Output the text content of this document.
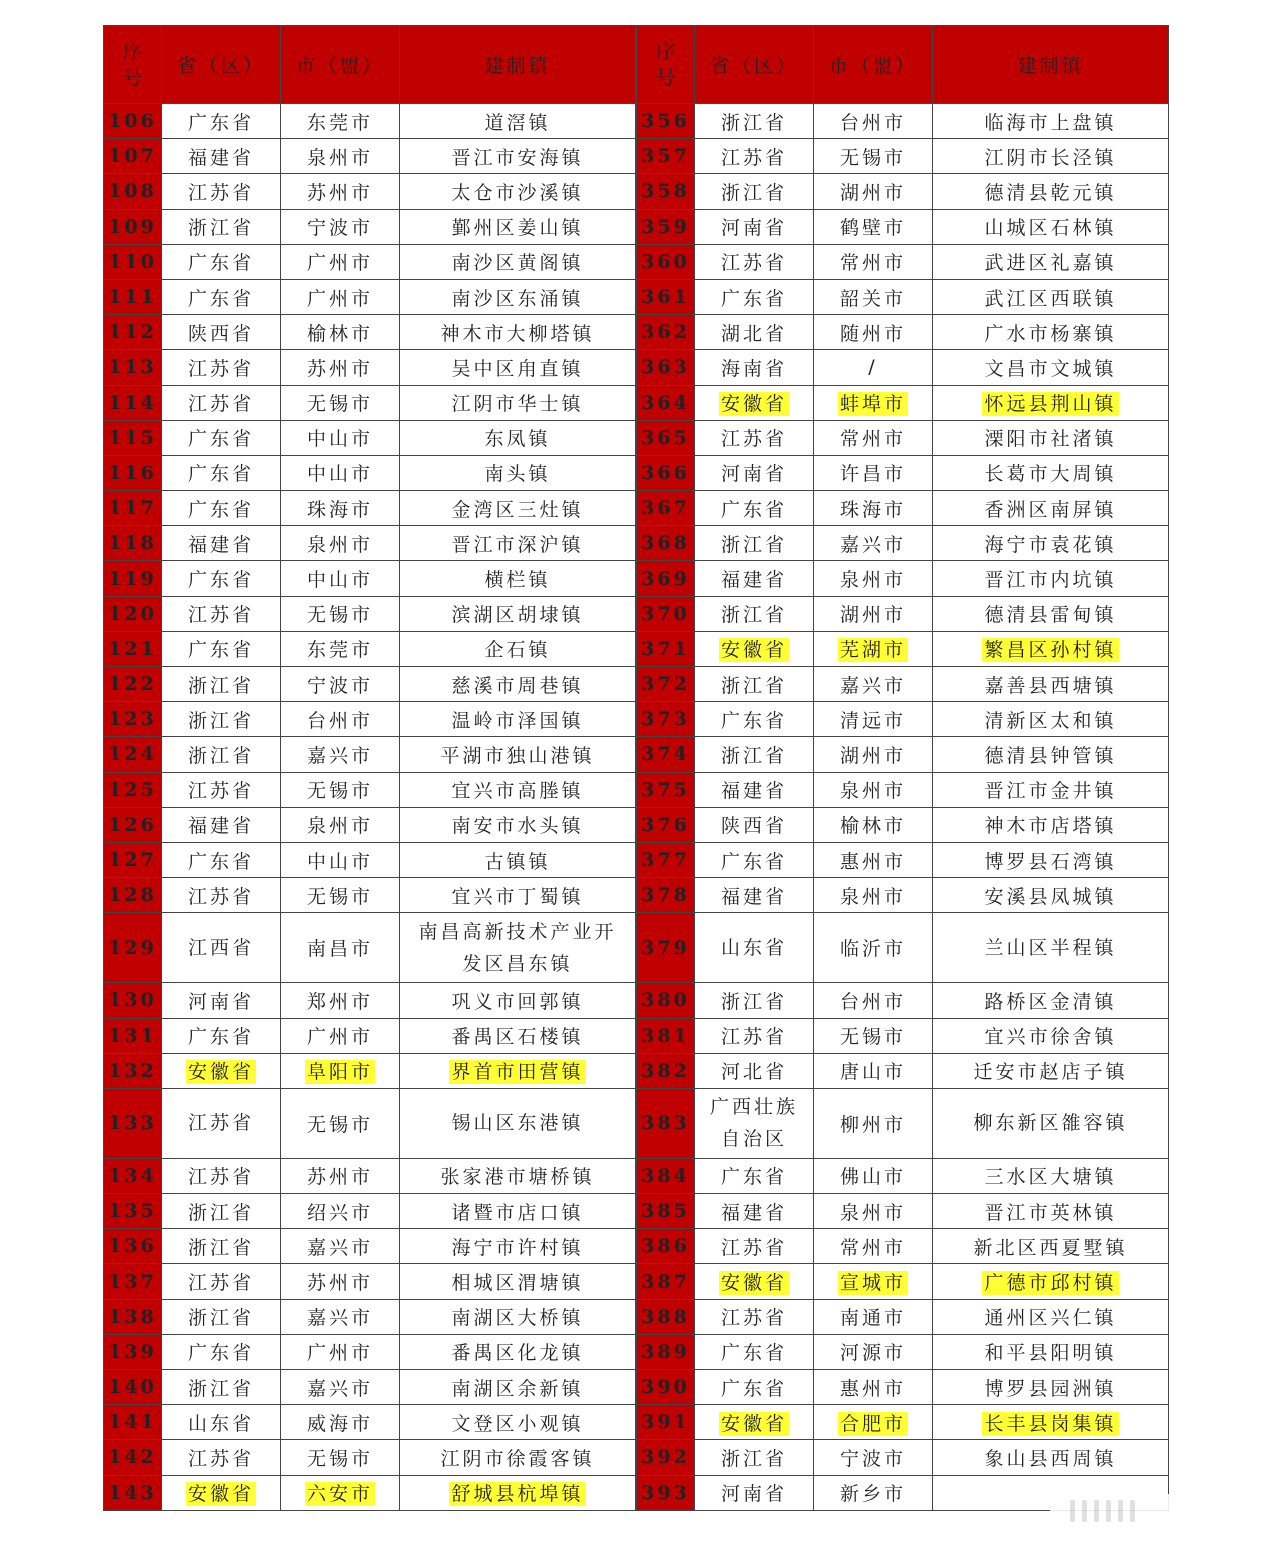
序
号	省（区）	市（盟）	建制镇
106	广东省	东莞市	道滘镇
107	福建省	泉州市	晋江市安海镇
108	江苏省	苏州市	太仓市沙溪镇
109	浙江省	宁波市	鄞州区姜山镇
110	广东省	广州市	南沙区黄阁镇
111	广东省	广州市	南沙区东涌镇
112	陕西省	榆林市	神木市大柳塔镇
113	江苏省	苏州市	吴中区甪直镇
114	江苏省	无锡市	江阴市华士镇
115	广东省	中山市	东凤镇
116	广东省	中山市	南头镇
117	广东省	珠海市	金湾区三灶镇
118	福建省	泉州市	晋江市深沪镇
119	广东省	中山市	横栏镇
120	江苏省	无锡市	滨湖区胡埭镇
121	广东省	东莞市	企石镇
122	浙江省	宁波市	慈溪市周巷镇
123	浙江省	台州市	温岭市泽国镇
124	浙江省	嘉兴市	平湖市独山港镇
125	江苏省	无锡市	宜兴市高塍镇
126	福建省	泉州市	南安市水头镇
127	广东省	中山市	古镇镇
128	江苏省	无锡市	宜兴市丁蜀镇
129	江西省	南昌市	南昌高新技术产业开发区昌东镇
130	河南省	郑州市	巩义市回郭镇
131	广东省	广州市	番禺区石楼镇
132	安徽省	阜阳市	界首市田营镇
133	江苏省	无锡市	锡山区东港镇
134	江苏省	苏州市	张家港市塘桥镇
135	浙江省	绍兴市	诸暨市店口镇
136	浙江省	嘉兴市	海宁市许村镇
137	江苏省	苏州市	相城区渭塘镇
138	浙江省	嘉兴市	南湖区大桥镇
139	广东省	广州市	番禺区化龙镇
140	浙江省	嘉兴市	南湖区余新镇
141	山东省	威海市	文登区小观镇
142	江苏省	无锡市	江阴市徐霞客镇
143	安徽省	六安市	舒城县杭埠镇
序
号	省（区）	市（盟）	建制镇
356	浙江省	台州市	临海市上盘镇
357	江苏省	无锡市	江阴市长泾镇
358	浙江省	湖州市	德清县乾元镇
359	河南省	鹤壁市	山城区石林镇
360	江苏省	常州市	武进区礼嘉镇
361	广东省	韶关市	武江区西联镇
362	湖北省	随州市	广水市杨寨镇
363	海南省	/	文昌市文城镇
364	安徽省	蚌埠市	怀远县荆山镇
365	江苏省	常州市	溧阳市社渚镇
366	河南省	许昌市	长葛市大周镇
367	广东省	珠海市	香洲区南屏镇
368	浙江省	嘉兴市	海宁市袁花镇
369	福建省	泉州市	晋江市内坑镇
370	浙江省	湖州市	德清县雷甸镇
371	安徽省	芜湖市	繁昌区孙村镇
372	浙江省	嘉兴市	嘉善县西塘镇
373	广东省	清远市	清新区太和镇
374	浙江省	湖州市	德清县钟管镇
375	福建省	泉州市	晋江市金井镇
376	陕西省	榆林市	神木市店塔镇
377	广东省	惠州市	博罗县石湾镇
378	福建省	泉州市	安溪县凤城镇
379	山东省	临沂市	兰山区半程镇
380	浙江省	台州市	路桥区金清镇
381	江苏省	无锡市	宜兴市徐舍镇
382	河北省	唐山市	迁安市赵店子镇
383	广西壮族自治区	柳州市	柳东新区雒容镇
384	广东省	佛山市	三水区大塘镇
385	福建省	泉州市	晋江市英林镇
386	江苏省	常州市	新北区西夏墅镇
387	安徽省	宣城市	广德市邱村镇
388	江苏省	南通市	通州区兴仁镇
389	广东省	河源市	和平县阳明镇
390	广东省	惠州市	博罗县园洲镇
391	安徽省	合肥市	长丰县岗集镇
392	浙江省	宁波市	象山县西周镇
393	河南省	新乡市	
